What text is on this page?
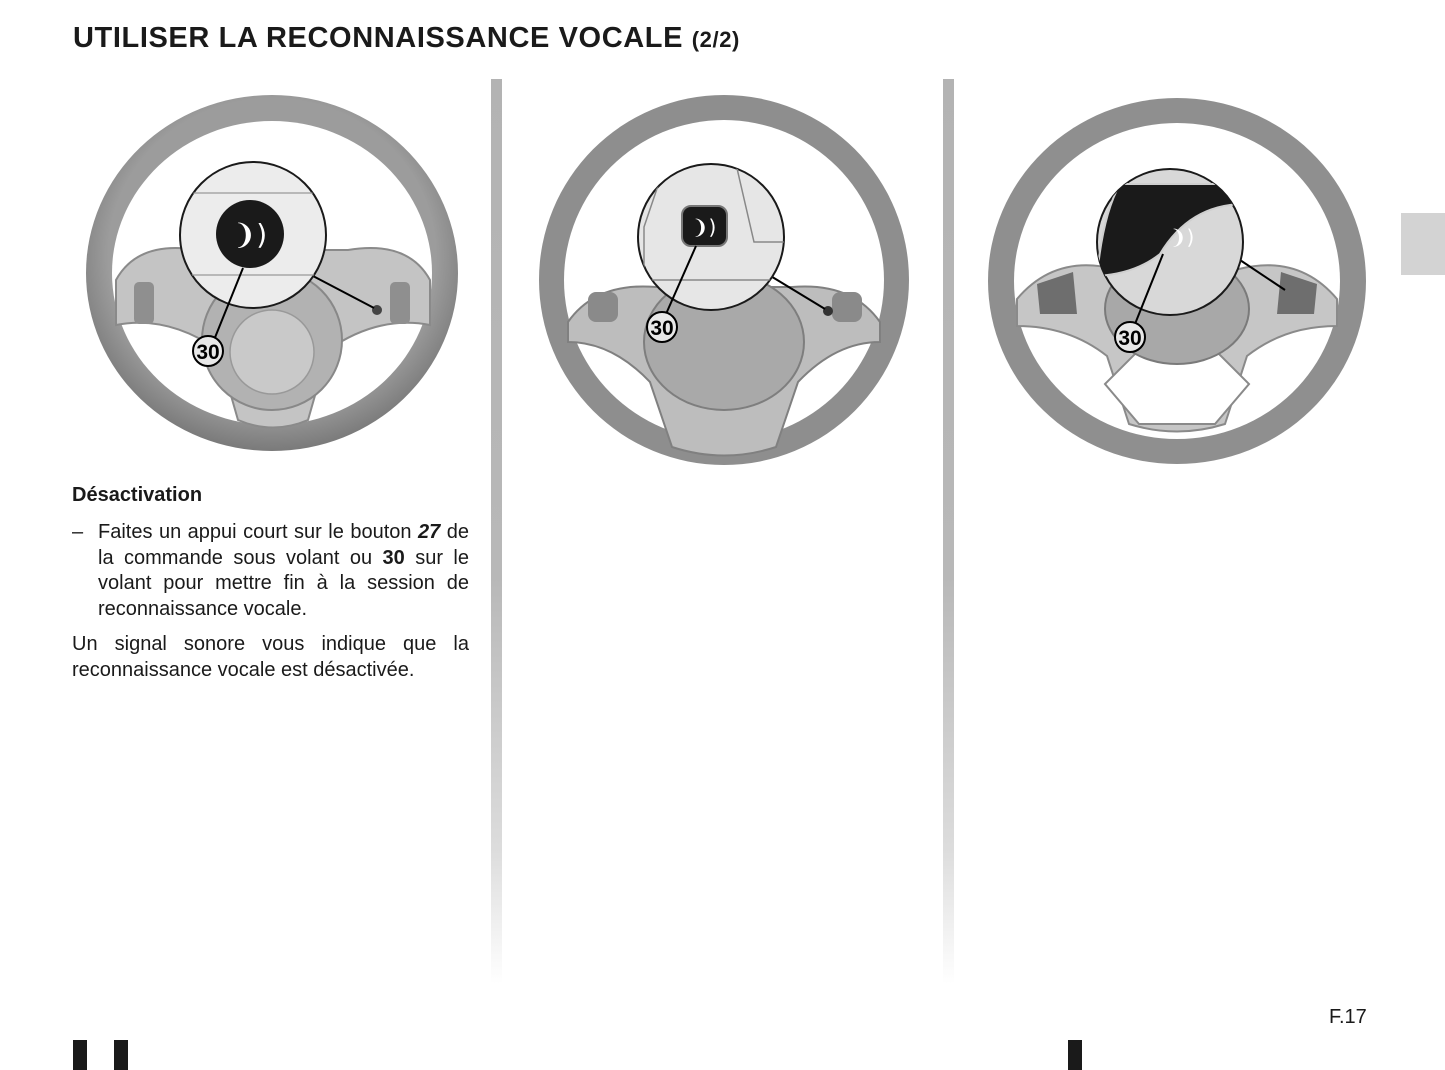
UTILISER LA RECONNAISSANCE VOCALE (2/2)
❩)
30
❩)
30
❩)
30
Désactivation
– Faites un appui court sur le bouton 27 de la commande sous volant ou 30 sur le volant pour mettre fin à la session de reconnaissance vocale.

Un signal sonore vous indique que la reconnaissance vocale est désactivée.

F.17
